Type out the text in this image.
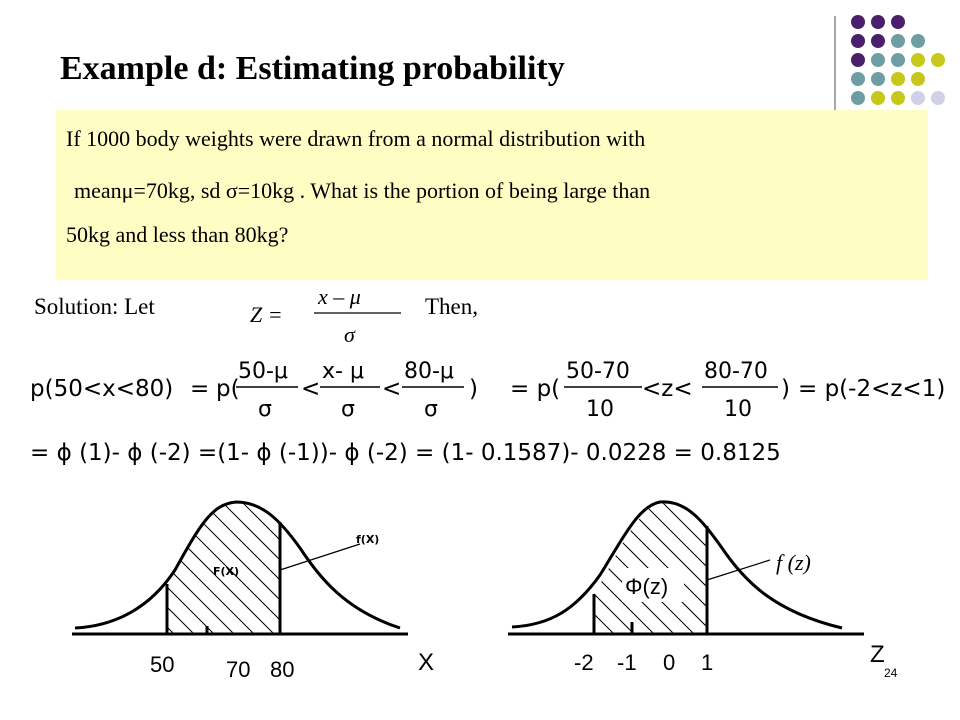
Example d: Estimating probability
If 1000 body weights were drawn from a normal distribution with
meanμ=70kg, sd σ=10kg . What is the portion of being large than
50kg and less than 80kg?
Solution: Let	Z =
x – μ
σ
Then,
p(50<x<80) = p(
50-μ
σ
<
x- μ
σ
<
80-μ
σ
) = p(
50-70
10
<z<
80-70
10
) = p(-2<z<1)
= ϕ (1)- ϕ (-2) =(1- ϕ (-1))- ϕ (-2) = (1- 0.1587)- 0.0228 = 0.8125
F(X)
f(X)
50 70 80	X
Φ(z)
f (z)
-2 -1 0 1	Z
24
